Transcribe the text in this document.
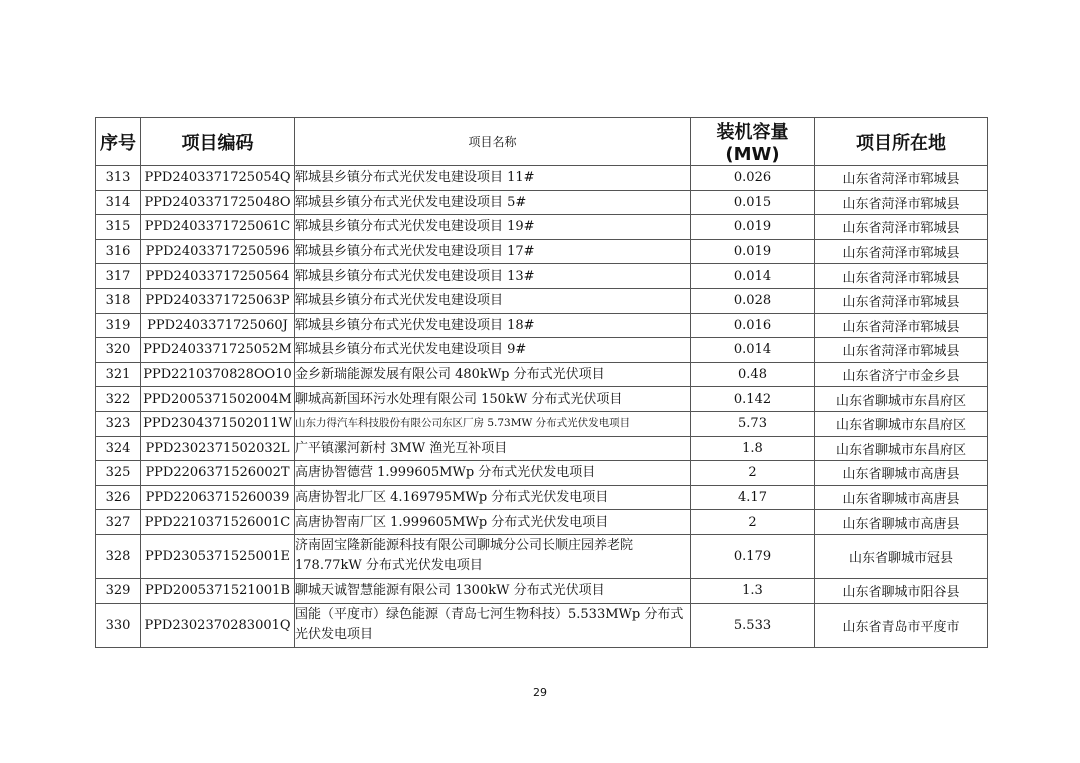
序号	项目编码	项目名称	装机容量(MW)	项目所在地
313	PPD2403371725054Q	郓城县乡镇分布式光伏发电建设项目 11#	0.026	山东省菏泽市郓城县
314	PPD2403371725048O	郓城县乡镇分布式光伏发电建设项目 5#	0.015	山东省菏泽市郓城县
315	PPD2403371725061C	郓城县乡镇分布式光伏发电建设项目 19#	0.019	山东省菏泽市郓城县
316	PPD24033717250596	郓城县乡镇分布式光伏发电建设项目 17#	0.019	山东省菏泽市郓城县
317	PPD24033717250564	郓城县乡镇分布式光伏发电建设项目 13#	0.014	山东省菏泽市郓城县
318	PPD2403371725063P	郓城县乡镇分布式光伏发电建设项目	0.028	山东省菏泽市郓城县
319	PPD2403371725060J	郓城县乡镇分布式光伏发电建设项目 18#	0.016	山东省菏泽市郓城县
320	PPD2403371725052M	郓城县乡镇分布式光伏发电建设项目 9#	0.014	山东省菏泽市郓城县
321	PPD2210370828OO10	金乡新瑞能源发展有限公司 480kWp 分布式光伏项目	0.48	山东省济宁市金乡县
322	PPD2005371502004M	聊城高新国环污水处理有限公司 150kW 分布式光伏项目	0.142	山东省聊城市东昌府区
323	PPD2304371502011W	山东力得汽车科技股份有限公司东区厂房 5.73MW 分布式光伏发电项目	5.73	山东省聊城市东昌府区
324	PPD2302371502032L	广平镇漯河新村 3MW 渔光互补项目	1.8	山东省聊城市东昌府区
325	PPD2206371526002T	高唐协智德营 1.999605MWp 分布式光伏发电项目	2	山东省聊城市高唐县
326	PPD22063715260039	高唐协智北厂区 4.169795MWp 分布式光伏发电项目	4.17	山东省聊城市高唐县
327	PPD2210371526001C	高唐协智南厂区 1.999605MWp 分布式光伏发电项目	2	山东省聊城市高唐县
328	PPD2305371525001E	济南固宝隆新能源科技有限公司聊城分公司长顺庄园养老院 178.77kW 分布式光伏发电项目	0.179	山东省聊城市冠县
329	PPD2005371521001B	聊城天诚智慧能源有限公司 1300kW 分布式光伏项目	1.3	山东省聊城市阳谷县
330	PPD2302370283001Q	国能（平度市）绿色能源（青岛七河生物科技）5.533MWp 分布式光伏发电项目	5.533	山东省青岛市平度市
29
